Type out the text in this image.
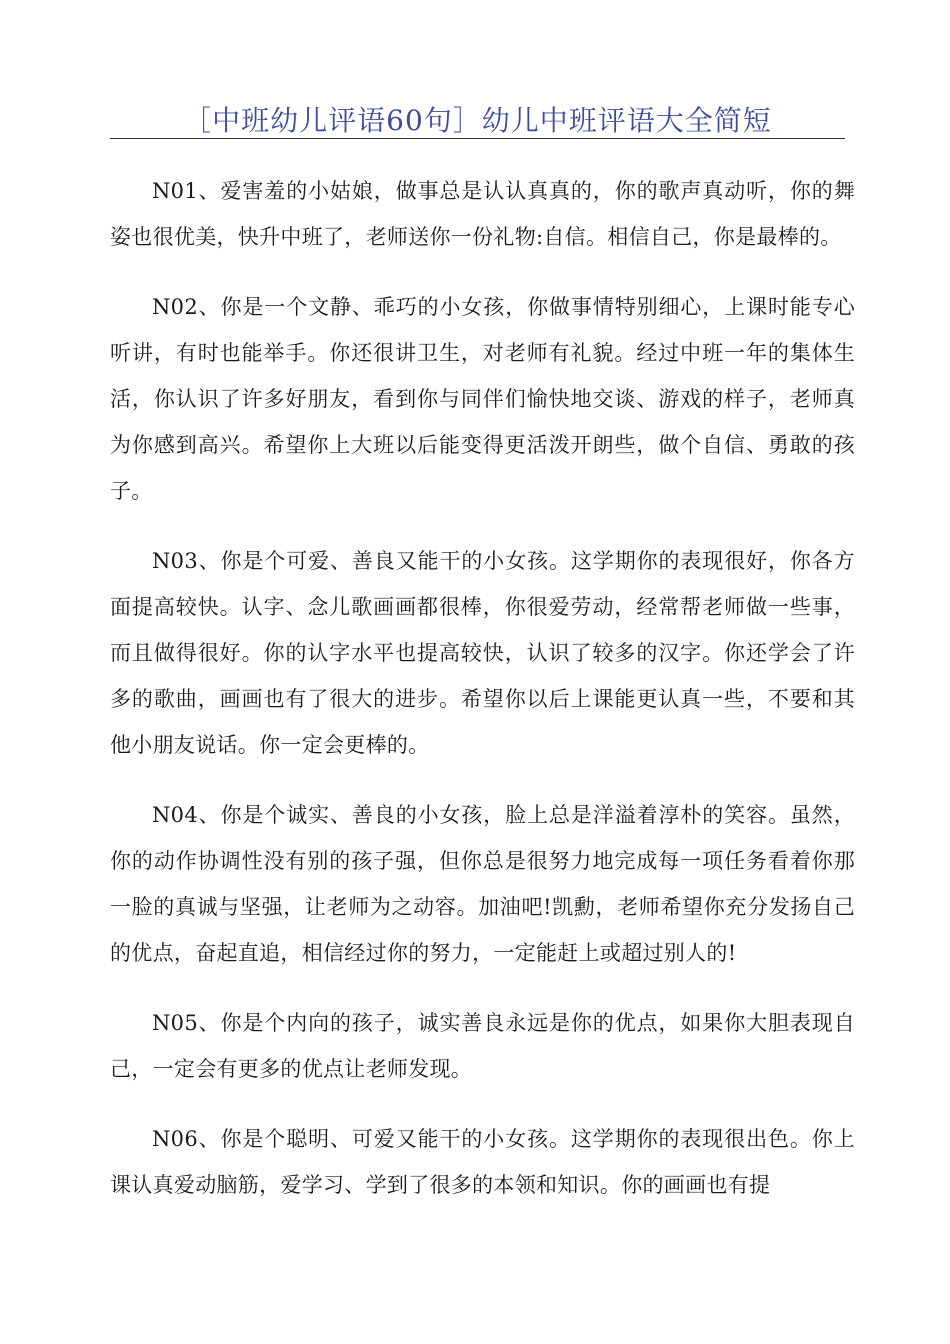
［中班幼儿评语60句］幼儿中班评语大全简短

N01、爱害羞的小姑娘，做事总是认认真真的，你的歌声真动听，你的舞姿也很优美，快升中班了，老师送你一份礼物:自信。相信自己，你是最棒的。

N02、你是一个文静、乖巧的小女孩，你做事情特别细心，上课时能专心听讲，有时也能举手。你还很讲卫生，对老师有礼貌。经过中班一年的集体生活，你认识了许多好朋友，看到你与同伴们愉快地交谈、游戏的样子，老师真为你感到高兴。希望你上大班以后能变得更活泼开朗些，做个自信、勇敢的孩子。

N03、你是个可爱、善良又能干的小女孩。这学期你的表现很好，你各方面提高较快。认字、念儿歌画画都很棒，你很爱劳动，经常帮老师做一些事，而且做得很好。你的认字水平也提高较快，认识了较多的汉字。你还学会了许多的歌曲，画画也有了很大的进步。希望你以后上课能更认真一些，不要和其他小朋友说话。你一定会更棒的。

N04、你是个诚实、善良的小女孩，脸上总是洋溢着淳朴的笑容。虽然，你的动作协调性没有别的孩子强，但你总是很努力地完成每一项任务看着你那一脸的真诚与坚强，让老师为之动容。加油吧!凯勳，老师希望你充分发扬自己的优点，奋起直追，相信经过你的努力，一定能赶上或超过别人的!

N05、你是个内向的孩子，诚实善良永远是你的优点，如果你大胆表现自己，一定会有更多的优点让老师发现。

N06、你是个聪明、可爱又能干的小女孩。这学期你的表现很出色。你上课认真爱动脑筋，爱学习、学到了很多的本领和知识。你的画画也有提
